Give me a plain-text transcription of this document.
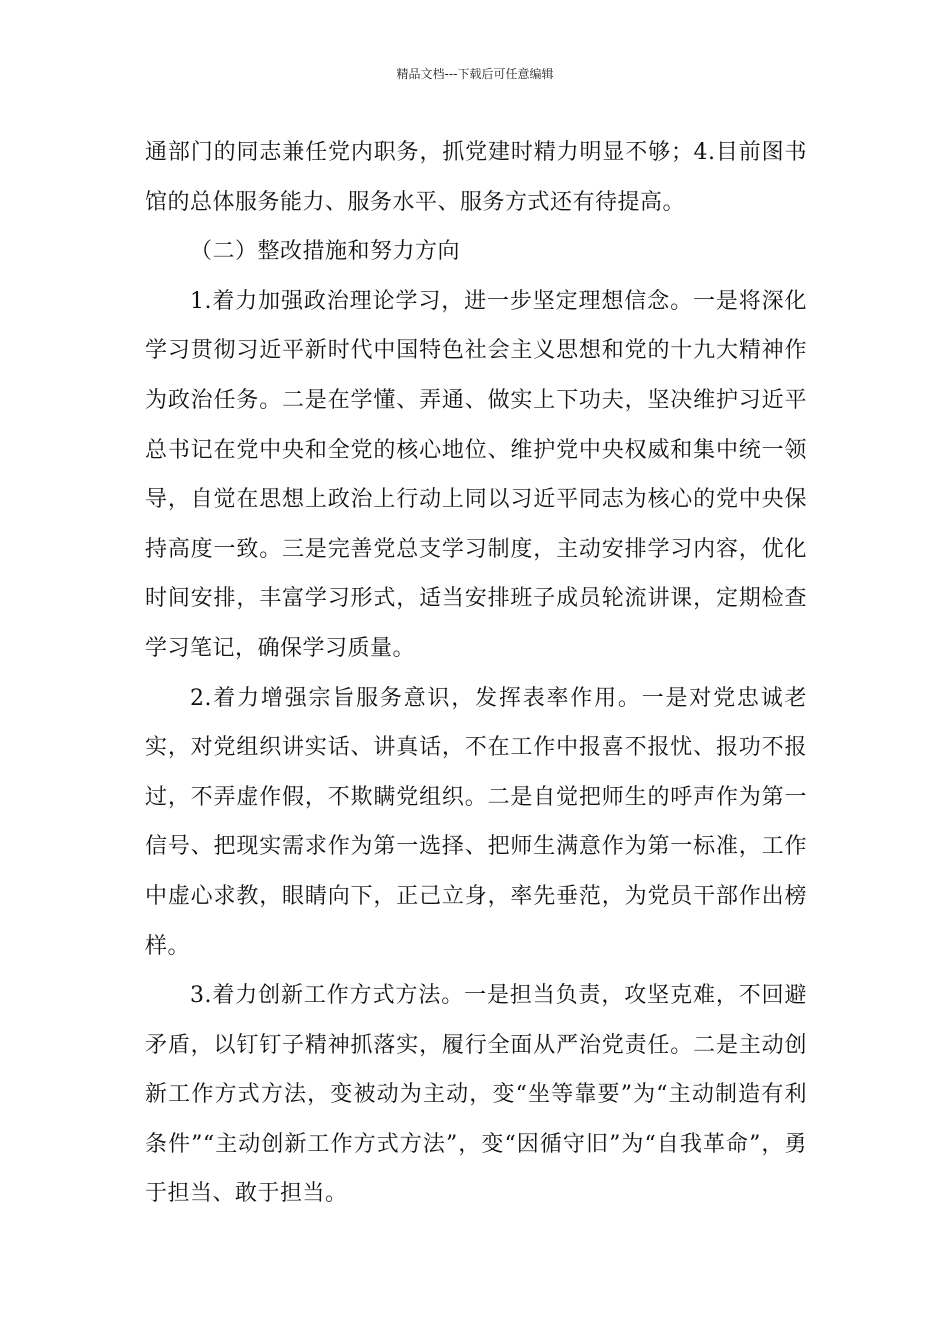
精品文档---下载后可任意编辑

通部门的同志兼任党内职务，抓党建时精力明显不够；4.目前图书馆的总体服务能力、服务水平、服务方式还有待提高。

（二）整改措施和努力方向

1.着力加强政治理论学习，进一步坚定理想信念。一是将深化学习贯彻习近平新时代中国特色社会主义思想和党的十九大精神作为政治任务。二是在学懂、弄通、做实上下功夫，坚决维护习近平总书记在党中央和全党的核心地位、维护党中央权威和集中统一领导，自觉在思想上政治上行动上同以习近平同志为核心的党中央保持高度一致。三是完善党总支学习制度，主动安排学习内容，优化时间安排，丰富学习形式，适当安排班子成员轮流讲课，定期检查学习笔记，确保学习质量。

2.着力增强宗旨服务意识，发挥表率作用。一是对党忠诚老实，对党组织讲实话、讲真话，不在工作中报喜不报忧、报功不报过，不弄虚作假，不欺瞒党组织。二是自觉把师生的呼声作为第一信号、把现实需求作为第一选择、把师生满意作为第一标准，工作中虚心求教，眼睛向下，正己立身，率先垂范，为党员干部作出榜样。

3.着力创新工作方式方法。一是担当负责，攻坚克难，不回避矛盾，以钉钉子精神抓落实，履行全面从严治党责任。二是主动创新工作方式方法，变被动为主动，变“坐等靠要”为“主动制造有利条件”“主动创新工作方式方法”，变“因循守旧”为“自我革命”，勇于担当、敢于担当。
